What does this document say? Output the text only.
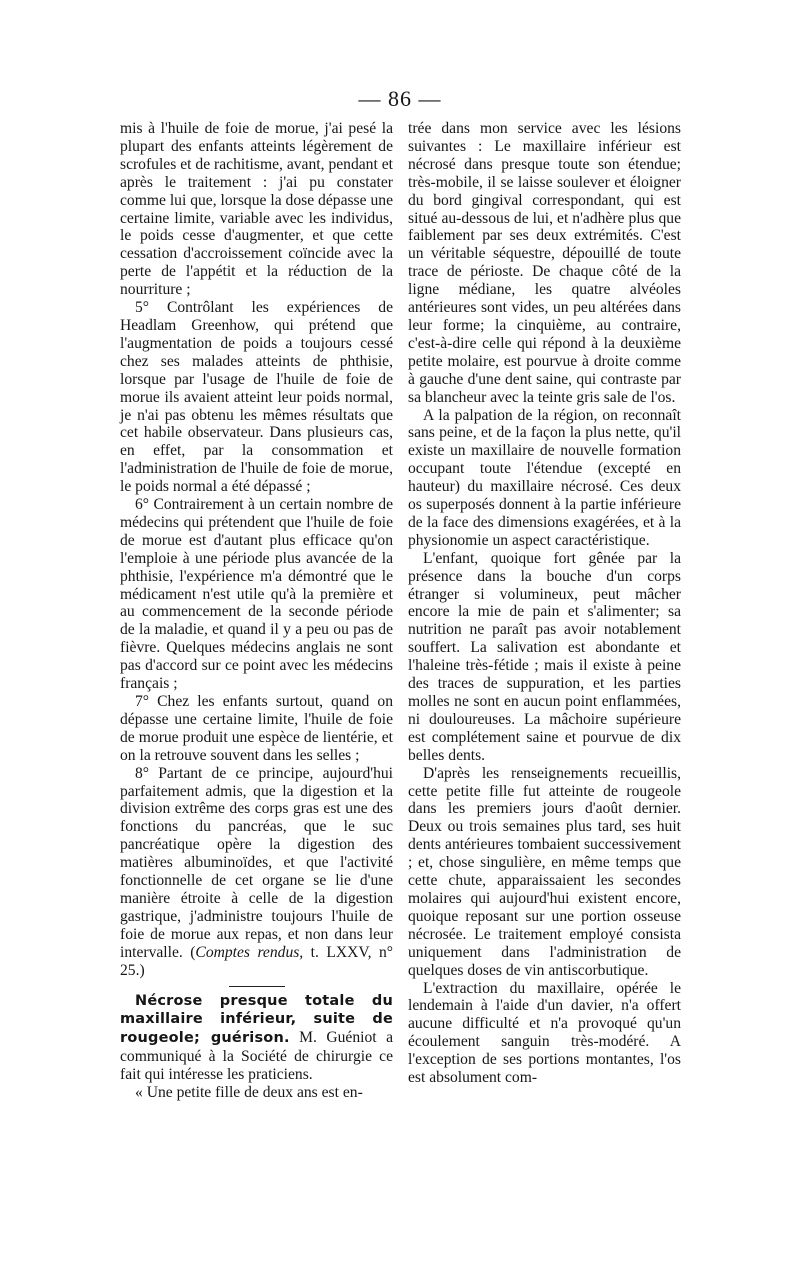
— 86 —

mis à l'huile de foie de morue, j'ai pesé la plupart des enfants atteints légèrement de scrofules et de rachitisme, avant, pendant et après le traitement : j'ai pu constater comme lui que, lorsque la dose dépasse une certaine limite, variable avec les individus, le poids cesse d'augmenter, et que cette cessation d'accroissement coïncide avec la perte de l'appétit et la réduction de la nourriture ;

5° Contrôlant les expériences de Headlam Greenhow, qui prétend que l'augmentation de poids a toujours cessé chez ses malades atteints de phthisie, lorsque par l'usage de l'huile de foie de morue ils avaient atteint leur poids normal, je n'ai pas obtenu les mêmes résultats que cet habile observateur. Dans plusieurs cas, en effet, par la consommation et l'administration de l'huile de foie de morue, le poids normal a été dépassé ;

6° Contrairement à un certain nombre de médecins qui prétendent que l'huile de foie de morue est d'autant plus efficace qu'on l'emploie à une période plus avancée de la phthisie, l'expérience m'a démontré que le médicament n'est utile qu'à la première et au commencement de la seconde période de la maladie, et quand il y a peu ou pas de fièvre. Quelques médecins anglais ne sont pas d'accord sur ce point avec les médecins français ;

7° Chez les enfants surtout, quand on dépasse une certaine limite, l'huile de foie de morue produit une espèce de lientérie, et on la retrouve souvent dans les selles ;

8° Partant de ce principe, aujourd'hui parfaitement admis, que la digestion et la division extrême des corps gras est une des fonctions du pancréas, que le suc pancréatique opère la digestion des matières albuminoïdes, et que l'activité fonctionnelle de cet organe se lie d'une manière étroite à celle de la digestion gastrique, j'administre toujours l'huile de foie de morue aux repas, et non dans leur intervalle. (Comptes rendus, t. LXXV, n° 25.)

Nécrose presque totale du maxillaire inférieur, suite de rougeole; guérison. M. Guéniot a communiqué à la Société de chirurgie ce fait qui intéresse les praticiens.

« Une petite fille de deux ans est en-

trée dans mon service avec les lésions suivantes : Le maxillaire inférieur est nécrosé dans presque toute son étendue; très-mobile, il se laisse soulever et éloigner du bord gingival correspondant, qui est situé au-dessous de lui, et n'adhère plus que faiblement par ses deux extrémités. C'est un véritable séquestre, dépouillé de toute trace de périoste. De chaque côté de la ligne médiane, les quatre alvéoles antérieures sont vides, un peu altérées dans leur forme; la cinquième, au contraire, c'est-à-dire celle qui répond à la deuxième petite molaire, est pourvue à droite comme à gauche d'une dent saine, qui contraste par sa blancheur avec la teinte gris sale de l'os.

A la palpation de la région, on reconnaît sans peine, et de la façon la plus nette, qu'il existe un maxillaire de nouvelle formation occupant toute l'étendue (excepté en hauteur) du maxillaire nécrosé. Ces deux os superposés donnent à la partie inférieure de la face des dimensions exagérées, et à la physionomie un aspect caractéristique.

L'enfant, quoique fort gênée par la présence dans la bouche d'un corps étranger si volumineux, peut mâcher encore la mie de pain et s'alimenter; sa nutrition ne paraît pas avoir notablement souffert. La salivation est abondante et l'haleine très-fétide ; mais il existe à peine des traces de suppuration, et les parties molles ne sont en aucun point enflammées, ni douloureuses. La mâchoire supérieure est complétement saine et pourvue de dix belles dents.

D'après les renseignements recueillis, cette petite fille fut atteinte de rougeole dans les premiers jours d'août dernier. Deux ou trois semaines plus tard, ses huit dents antérieures tombaient successivement ; et, chose singulière, en même temps que cette chute, apparaissaient les secondes molaires qui aujourd'hui existent encore, quoique reposant sur une portion osseuse nécrosée. Le traitement employé consista uniquement dans l'administration de quelques doses de vin antiscorbutique.

L'extraction du maxillaire, opérée le lendemain à l'aide d'un davier, n'a offert aucune difficulté et n'a provoqué qu'un écoulement sanguin très-modéré. A l'exception de ses portions montantes, l'os est absolument com-
